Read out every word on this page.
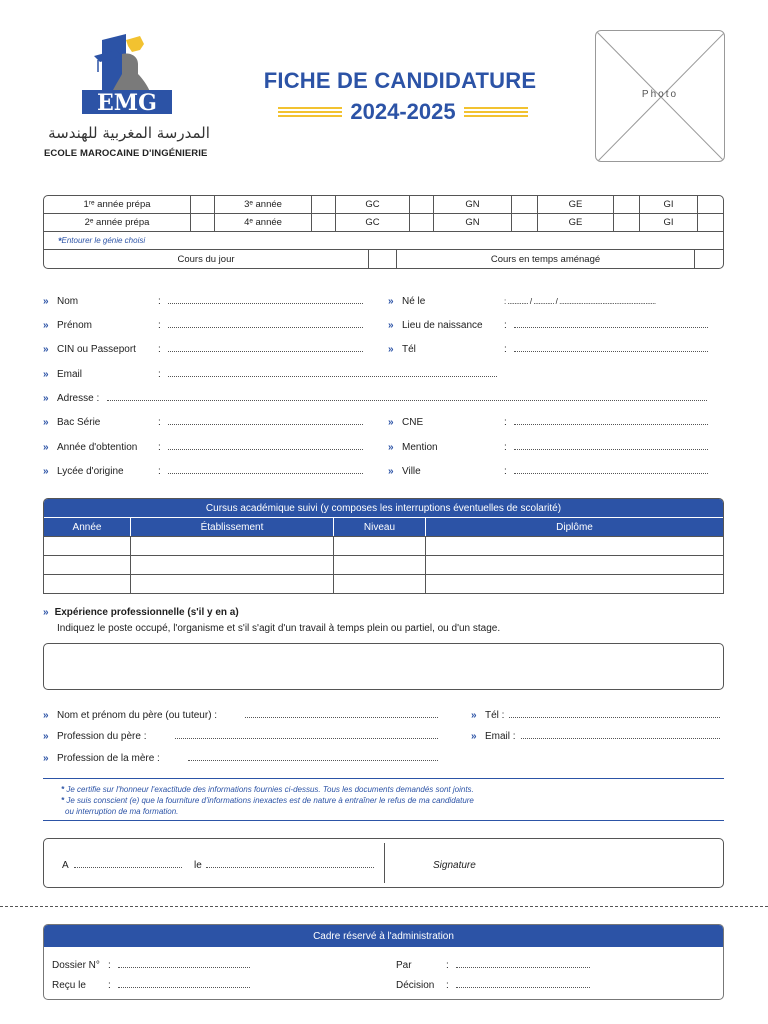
EMG
المدرسة المغربية للهندسة
ECOLE MAROCAINE D'INGÉNIERIE
FICHE DE CANDIDATURE
2024-2025
Photo
1ʳᵉ année prépa	3ᵉ année	GC	GN	GE	GI
2ᵉ année prépa	4ᵉ année	GC	GN	GE	GI
* Entourer le génie choisi
Cours du jour	Cours en temps aménagé
» Nom	:
» Prénom	:
» CIN ou Passeport :
» Email	:
» Adresse :
» Bac Série	:
» Année d'obtention :
» Lycée d'origine	:
» Né le	: ............ / ............ / ........................................................
» Lieu de naissance :
» Tél	:
» CNE	:
» Mention	:
» Ville	:
Cursus académique suivi (y composes les interruptions éventuelles de scolarité)
Année	Établissement	Niveau	Diplôme
» Expérience professionnelle (s'il y en a)
Indiquez le poste occupé, l'organisme et s'il s'agit d'un travail à temps plein ou partiel, ou d'un stage.
» Nom et prénom du père (ou tuteur) :
» Profession du père :
» Profession de la mère :
» Tél :
» Email :
* Je certifie sur l'honneur l'exactitude des informations fournies ci-dessus. Tous les documents demandés sont joints.
* Je suis conscient (e) que la fourniture d'informations inexactes est de nature à entraîner le refus de ma candidature
ou interruption de ma formation.
A	le	Signature
Cadre réservé à l'administration
Dossier N° :
Reçu le :
Par	:
Décision :
